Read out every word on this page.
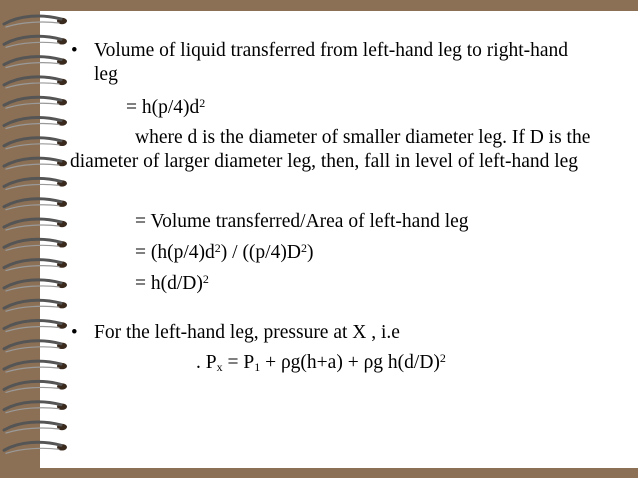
• Volume of liquid transferred from left-hand leg to right-hand
leg
= $h(p/4)d^2$
where d is the diameter of smaller diameter leg. If D is the
diameter of larger diameter leg, then, fall in level of left-hand leg
= Volume transferred/Area of left-hand leg
= $(h(p/4)d^2) / ((p/4)D^2)$
= $h(d/D)^2$
• For the left-hand leg, pressure at X , i.e
. $P_x = P_1 + \rho g(h+a) + \rho g$ $h(d/D)^2$
